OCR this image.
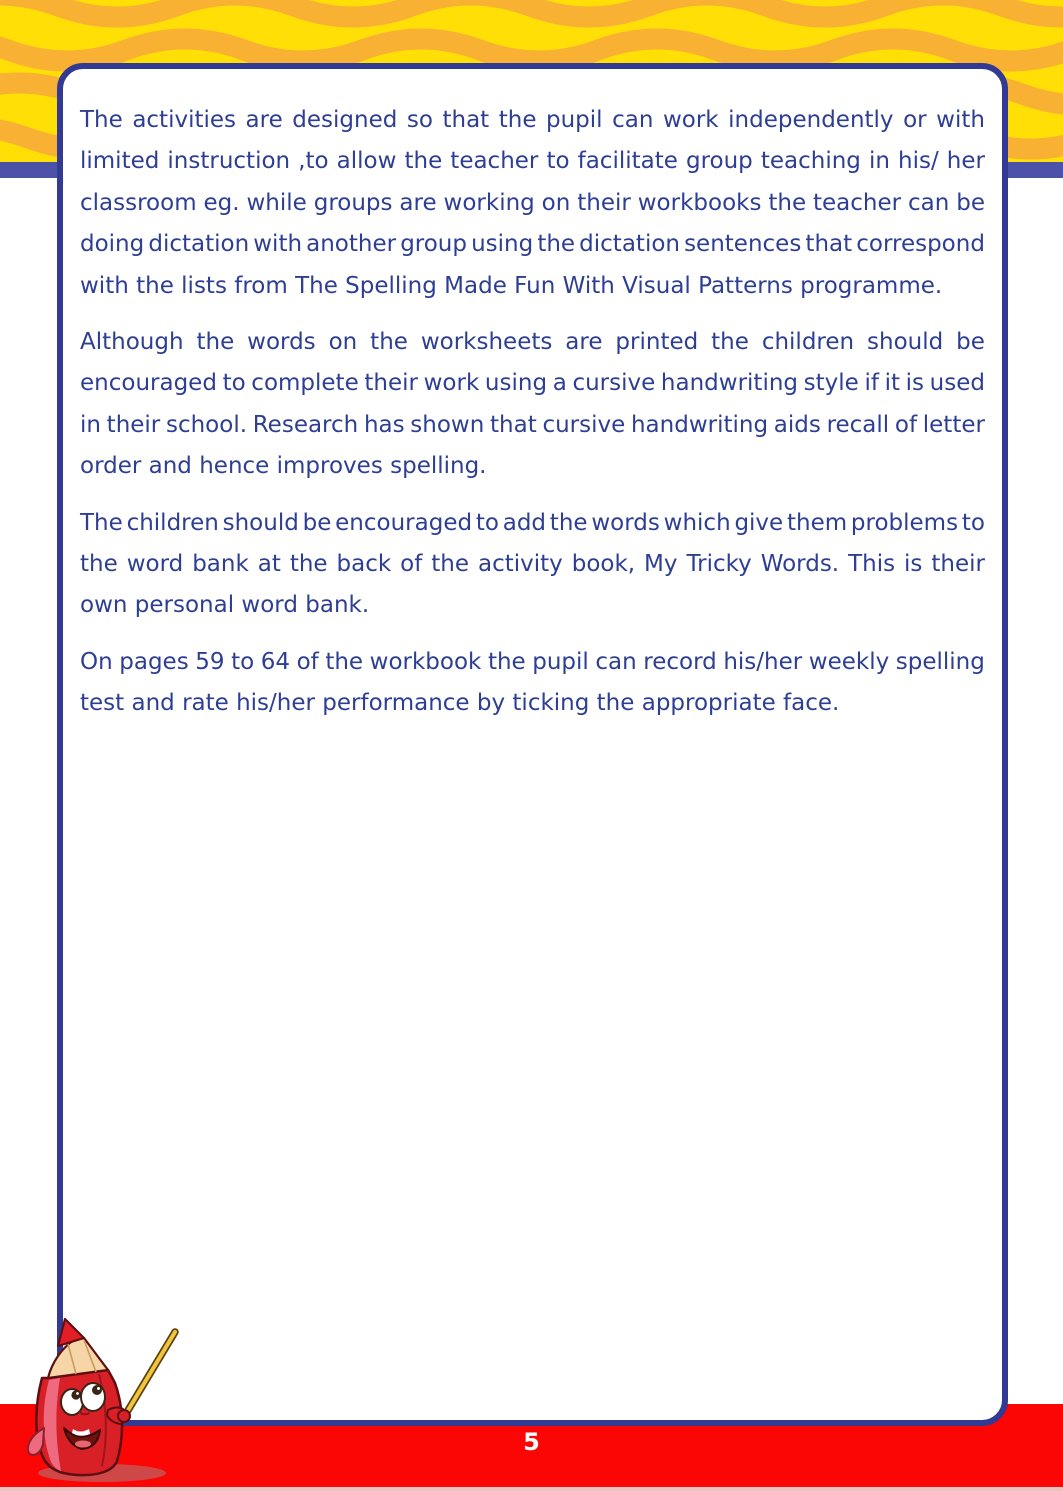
5
The activities are designed so that the pupil can work independently or with
limited instruction ,to allow the teacher to facilitate group teaching in his/ her
classroom eg. while groups are working on their workbooks the teacher can be
doing dictation with another group using the dictation sentences that correspond
with the lists from The Spelling Made Fun With Visual Patterns programme.
Although the words on the worksheets are printed the children should be
encouraged to complete their work using a cursive handwriting style if it is used
in their school. Research has shown that cursive handwriting aids recall of letter
order and hence improves spelling.
The children should be encouraged to add the words which give them problems to
the word bank at the back of the activity book, My Tricky Words. This is their
own personal word bank.
On pages 59 to 64 of the workbook the pupil can record his/her weekly spelling
test and rate his/her performance by ticking the appropriate face.
